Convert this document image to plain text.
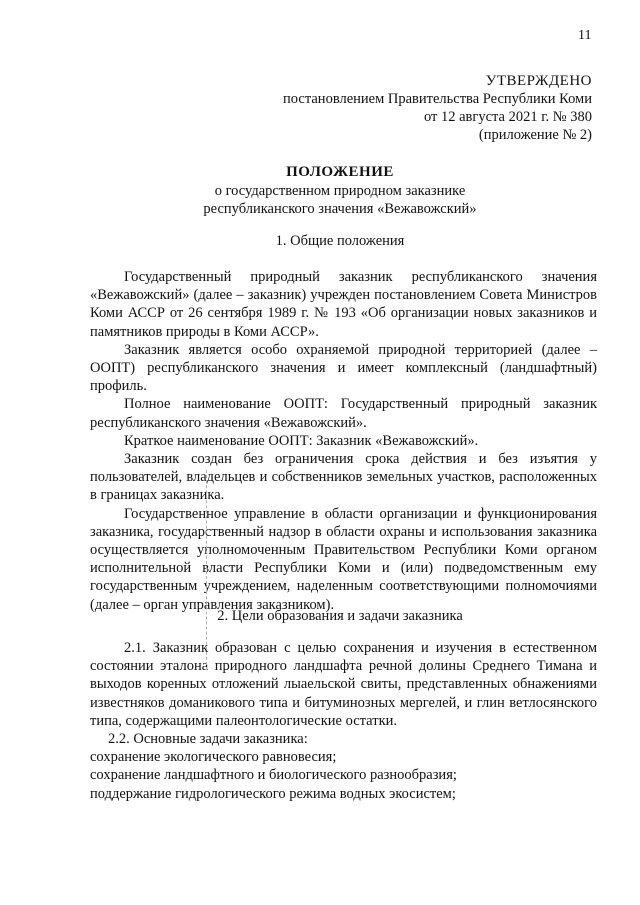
11
УТВЕРЖДЕНО
постановлением Правительства Республики Коми
от 12 августа 2021 г. № 380
(приложение № 2)
ПОЛОЖЕНИЕ
о государственном природном заказнике
республиканского значения «Вежавожский»
1. Общие положения

Государственный природный заказник республиканского значения «Вежавожский» (далее – заказник) учрежден постановлением Совета Министров Коми АССР от 26 сентября 1989 г. № 193 «Об организации новых заказников и памятников природы в Коми АССР».

Заказник является особо охраняемой природной территорией (далее – ООПТ) республиканского значения и имеет комплексный (ландшафтный) профиль.

Полное наименование ООПТ: Государственный природный заказник республиканского значения «Вежавожский».

Краткое наименование ООПТ: Заказник «Вежавожский».

Заказник создан без ограничения срока действия и без изъятия у пользователей, владельцев и собственников земельных участков, расположенных в границах заказника.

Государственное управление в области организации и функционирования заказника, государственный надзор в области охраны и использования заказника осуществляется уполномоченным Правительством Республики Коми органом исполнительной власти Республики Коми и (или) подведомственным ему государственным учреждением, наделенным соответствующими полномочиями (далее – орган управления заказником).

2. Цели образования и задачи заказника

2.1. Заказник образован с целью сохранения и изучения в естественном состоянии эталона природного ландшафта речной долины Среднего Тимана и выходов коренных отложений лыаельской свиты, представленных обнажениями известняков доманикового типа и битуминозных мергелей, и глин ветлосянского типа, содержащими палеонтологические остатки.

2.2. Основные задачи заказника:
сохранение экологического равновесия;
сохранение ландшафтного и биологического разнообразия;
поддержание гидрологического режима водных экосистем;
